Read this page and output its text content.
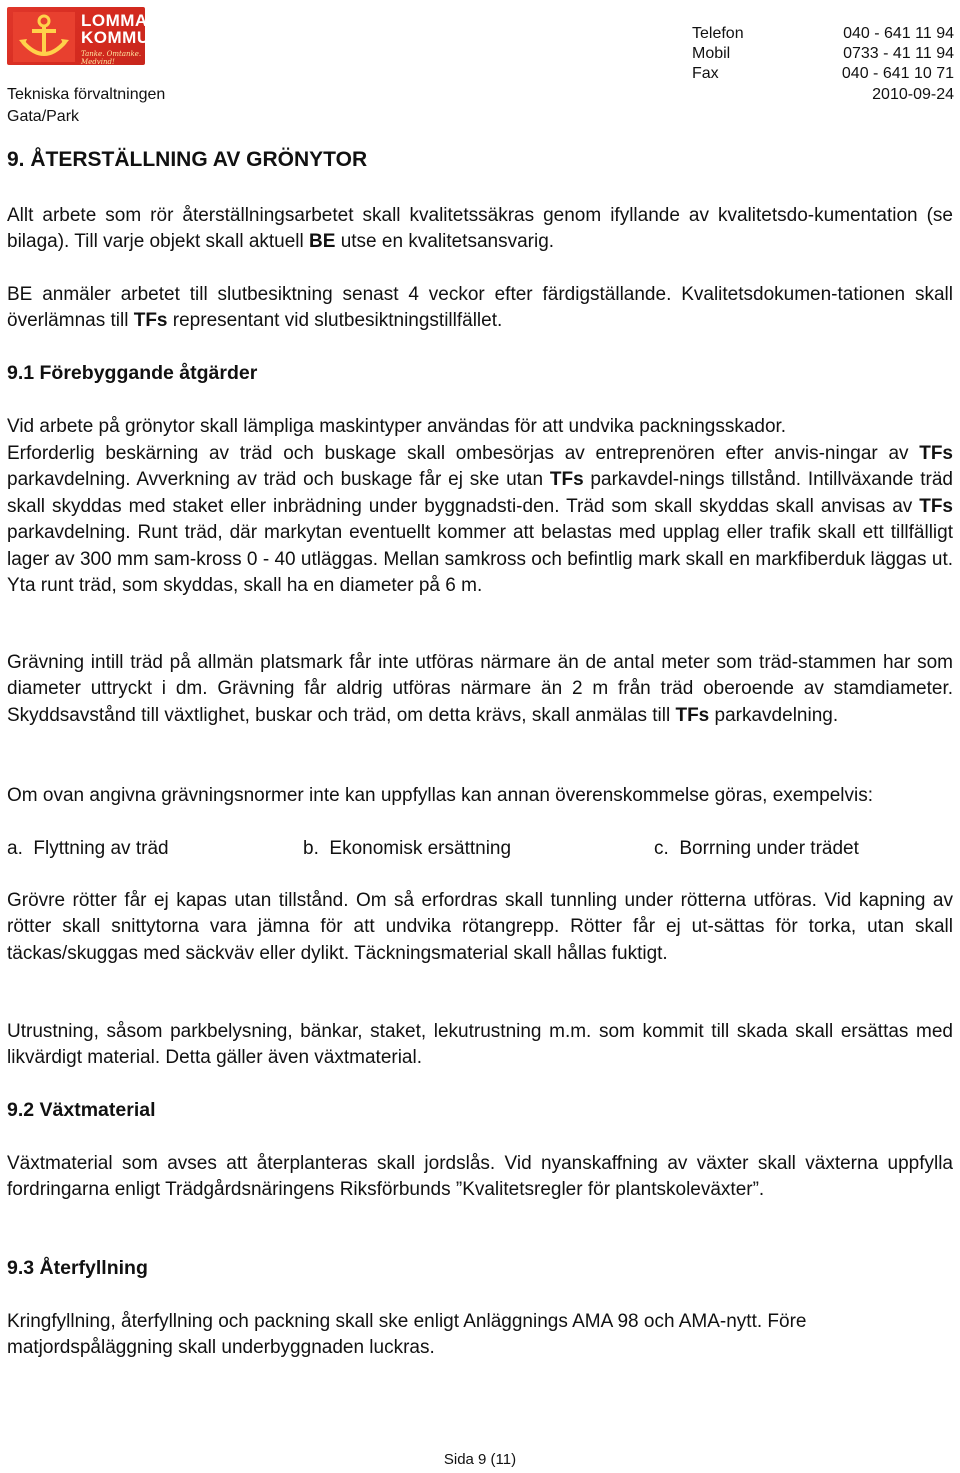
LOMMA
KOMMUN
Tanke. Omtanke. Medvind!
Tekniska förvaltningen
Gata/Park
Telefon	040 - 641 11 94
Mobil	0733 - 41 11 94
Fax	040 - 641 10 71
2010-09-24
9. ÅTERSTÄLLNING AV GRÖNYTOR

Allt arbete som rör återställningsarbetet skall kvalitetssäkras genom ifyllande av kvalitetsdo-kumentation (se bilaga). Till varje objekt skall aktuell BE utse en kvalitetsansvarig.

BE anmäler arbetet till slutbesiktning senast 4 veckor efter färdigställande. Kvalitetsdokumen-tationen skall överlämnas till TFs representant vid slutbesiktningstillfället.

9.1 Förebyggande åtgärder

Vid arbete på grönytor skall lämpliga maskintyper användas för att undvika packningsskador.

Erforderlig beskärning av träd och buskage skall ombesörjas av entreprenören efter anvis-ningar av TFs parkavdelning. Avverkning av träd och buskage får ej ske utan TFs parkavdel-nings tillstånd. Intillväxande träd skall skyddas med staket eller inbrädning under byggnadsti-den. Träd som skall skyddas skall anvisas av TFs parkavdelning. Runt träd, där markytan eventuellt kommer att belastas med upplag eller trafik skall ett tillfälligt lager av 300 mm sam-kross 0 - 40 utläggas. Mellan samkross och befintlig mark skall en markfiberduk läggas ut. Yta runt träd, som skyddas, skall ha en diameter på 6 m.

Grävning intill träd på allmän platsmark får inte utföras närmare än de antal meter som träd-stammen har som diameter uttryckt i dm. Grävning får aldrig utföras närmare än 2 m från träd oberoende av stamdiameter. Skyddsavstånd till växtlighet, buskar och träd, om detta krävs, skall anmälas till TFs parkavdelning.

Om ovan angivna grävningsnormer inte kan uppfyllas kan annan överenskommelse göras, exempelvis:

a.  Flyttning av träd	b.  Ekonomisk ersättning	c.  Borrning under trädet

Grövre rötter får ej kapas utan tillstånd. Om så erfordras skall tunnling under rötterna utföras. Vid kapning av rötter skall snittytorna vara jämna för att undvika rötangrepp. Rötter får ej ut-sättas för torka, utan skall täckas/skuggas med säckväv eller dylikt. Täckningsmaterial skall hållas fuktigt.

Utrustning, såsom parkbelysning, bänkar, staket, lekutrustning m.m. som kommit till skada skall ersättas med likvärdigt material. Detta gäller även växtmaterial.

9.2 Växtmaterial

Växtmaterial som avses att återplanteras skall jordslås. Vid nyanskaffning av växter skall växterna uppfylla fordringarna enligt Trädgårdsnäringens Riksförbunds ”Kvalitetsregler för plantskoleväxter”.

9.3 Återfyllning

Kringfyllning, återfyllning och packning skall ske enligt Anläggnings AMA 98 och AMA-nytt. Före matjordspåläggning skall underbyggnaden luckras.

Sida 9 (11)
